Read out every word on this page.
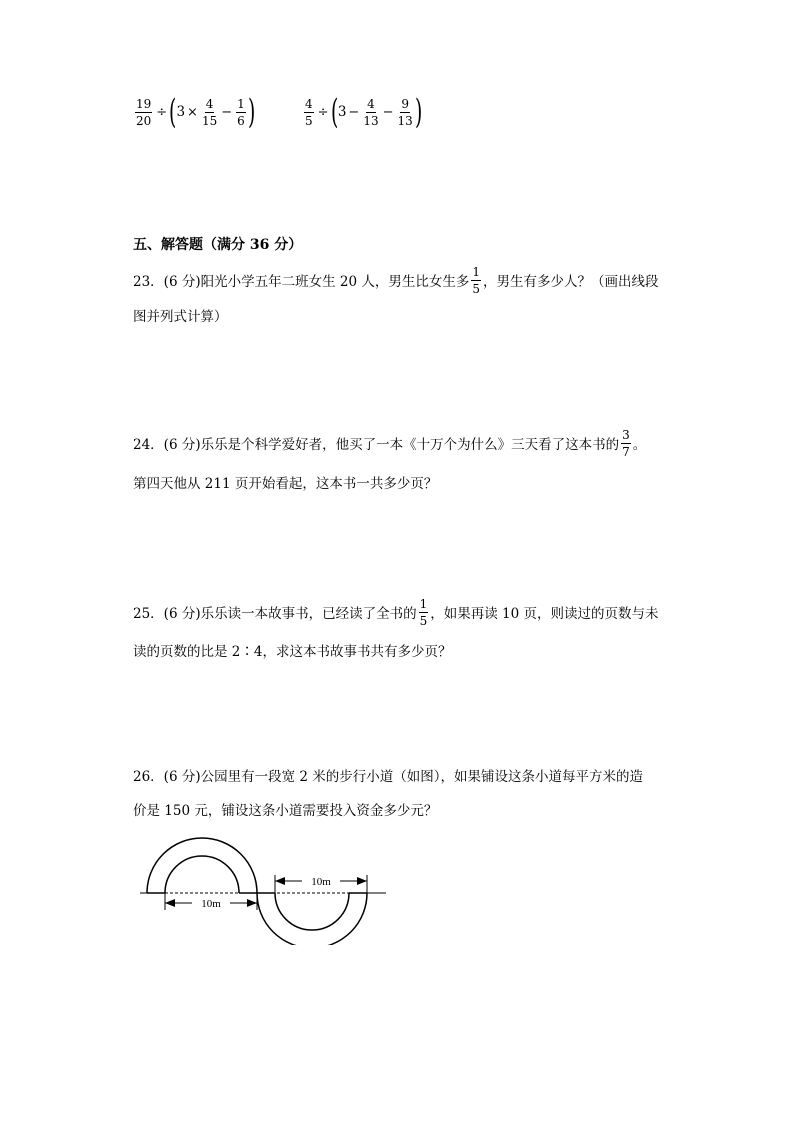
$\frac{19}{20}$ ÷ ( $3 \times \frac{4}{15} - \frac{1}{6}$ )	$\frac{4}{5}$ ÷ ( $3 - \frac{4}{13} - \frac{9}{13}$ )
五、解答题（满分 36 分）
23．(6 分)阳光小学五年二班女生 20 人，男生比女生多 $\frac{1}{5}$ ，男生有多少人？（画出线段
图并列式计算）
24．(6 分)乐乐是个科学爱好者，他买了一本《十万个为什么》三天看了这本书的 $\frac{3}{7}$ 。
第四天他从 211 页开始看起，这本书一共多少页？
25．(6 分)乐乐读一本故事书，已经读了全书的 $\frac{1}{5}$ ，如果再读 10 页，则读过的页数与未
读的页数的比是 2∶4，求这本书故事书共有多少页？
26．(6 分)公园里有一段宽 2 米的步行小道（如图），如果铺设这条小道每平方米的造
价是 150 元，铺设这条小道需要投入资金多少元？
10m
10m
